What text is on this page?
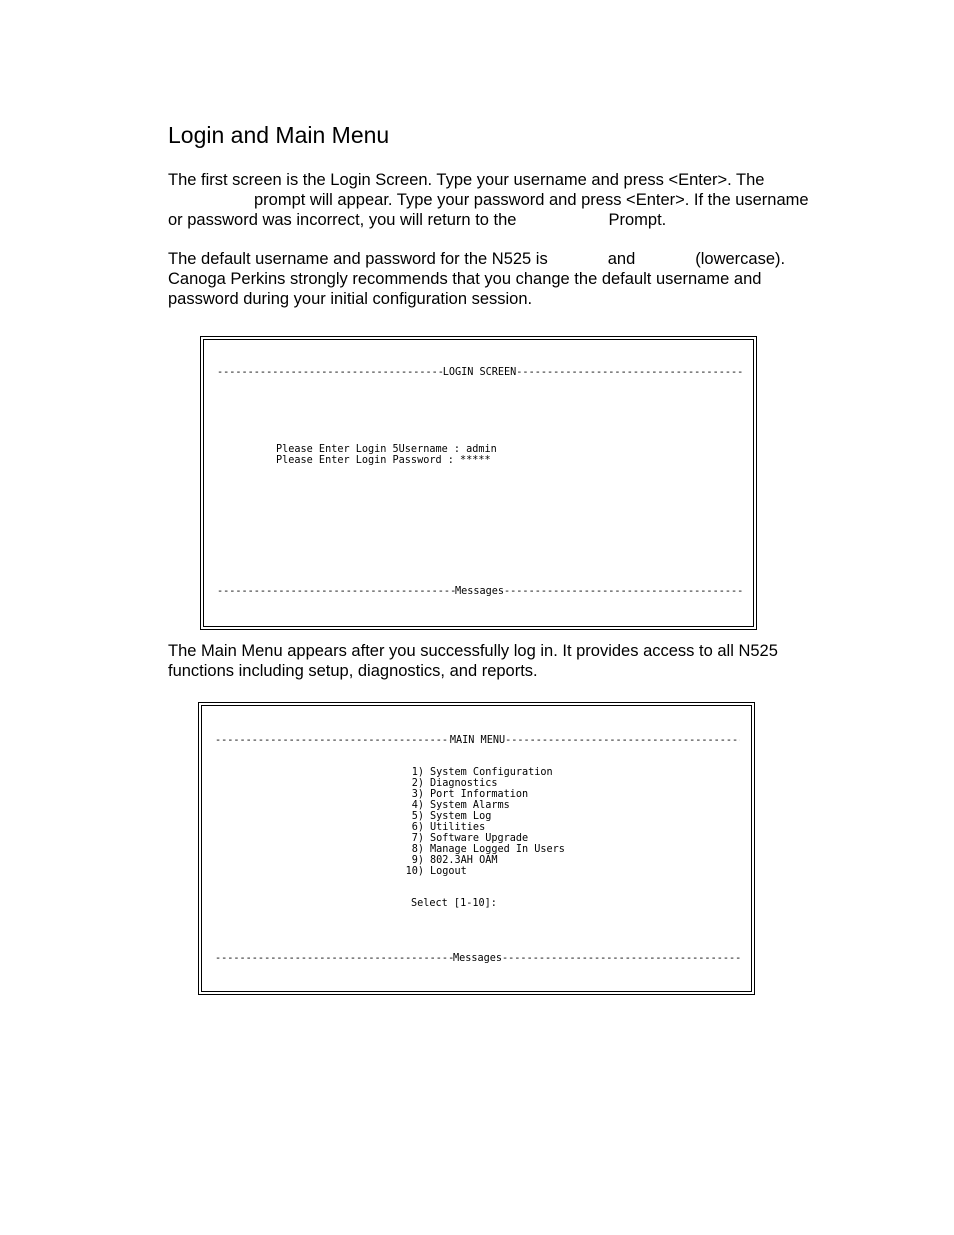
Login and Main Menu
The first screen is the Login Screen. Type your username and press <Enter>. The
prompt will appear. Type your password and press <Enter>. If the username
or password was incorrect, you will return to the	Prompt.
The default username and password for the N525 is	and	(lowercase).
Canoga Perkins strongly recommends that you change the default username and
password during your initial configuration session.
-----
LOGIN SCREEN
-----
Please Enter Login 5Username : admin
Please Enter Login Password : *****
-----
Messages
-----
The Main Menu appears after you successfully log in. It provides access to all N525
functions including setup, diagnostics, and reports.
-----
MAIN MENU
-----
1) System Configuration
2) Diagnostics
3) Port Information
4) System Alarms
5) System Log
6) Utilities
7) Software Upgrade
8) Manage Logged In Users
9) 802.3AH OAM
10) Logout
Select [1-10]:
-----
Messages
-----
